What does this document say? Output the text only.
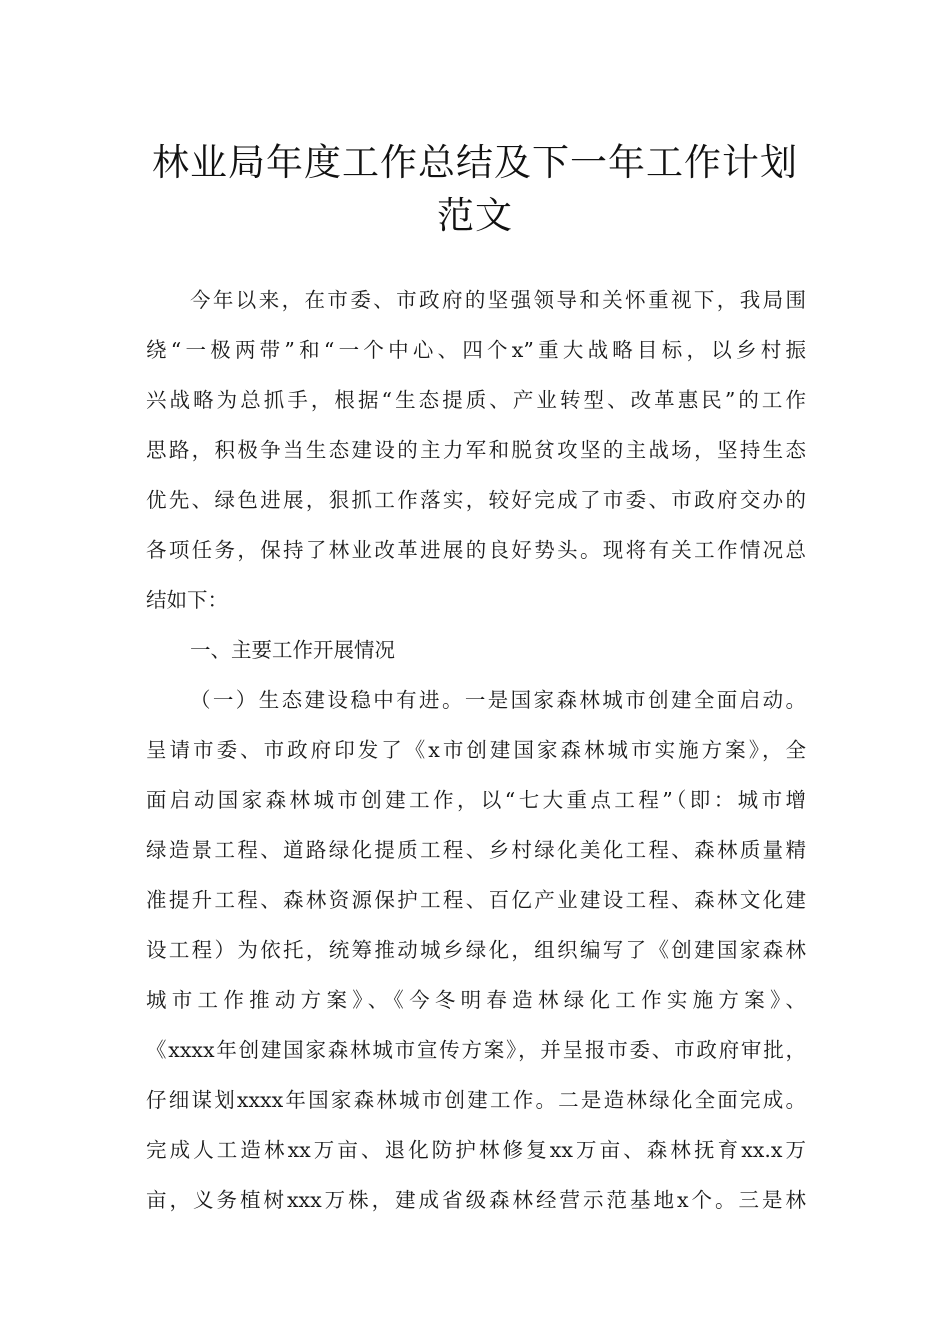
林业局年度工作总结及下一年工作计划
范文
今年以来，在市委、市政府的坚强领导和关怀重视下，我局围
绕“一极两带”和“一个中心、四个x”重大战略目标，以乡村振
兴战略为总抓手，根据“生态提质、产业转型、改革惠民”的工作
思路，积极争当生态建设的主力军和脱贫攻坚的主战场，坚持生态
优先、绿色进展，狠抓工作落实，较好完成了市委、市政府交办的
各项任务，保持了林业改革进展的良好势头。现将有关工作情况总
结如下：
一、主要工作开展情况
（一）生态建设稳中有进。一是国家森林城市创建全面启动。
呈请市委、市政府印发了《x市创建国家森林城市实施方案》，全
面启动国家森林城市创建工作，以“七大重点工程”（即：城市增
绿造景工程、道路绿化提质工程、乡村绿化美化工程、森林质量精
准提升工程、森林资源保护工程、百亿产业建设工程、森林文化建
设工程）为依托，统筹推动城乡绿化，组织编写了《创建国家森林
城市工作推动方案》、《今冬明春造林绿化工作实施方案》、
《xxxx年创建国家森林城市宣传方案》，并呈报市委、市政府审批，
仔细谋划xxxx年国家森林城市创建工作。二是造林绿化全面完成。
完成人工造林xx万亩、退化防护林修复xx万亩、森林抚育xx.x万
亩，义务植树xxx万株，建成省级森林经营示范基地x个。三是林
